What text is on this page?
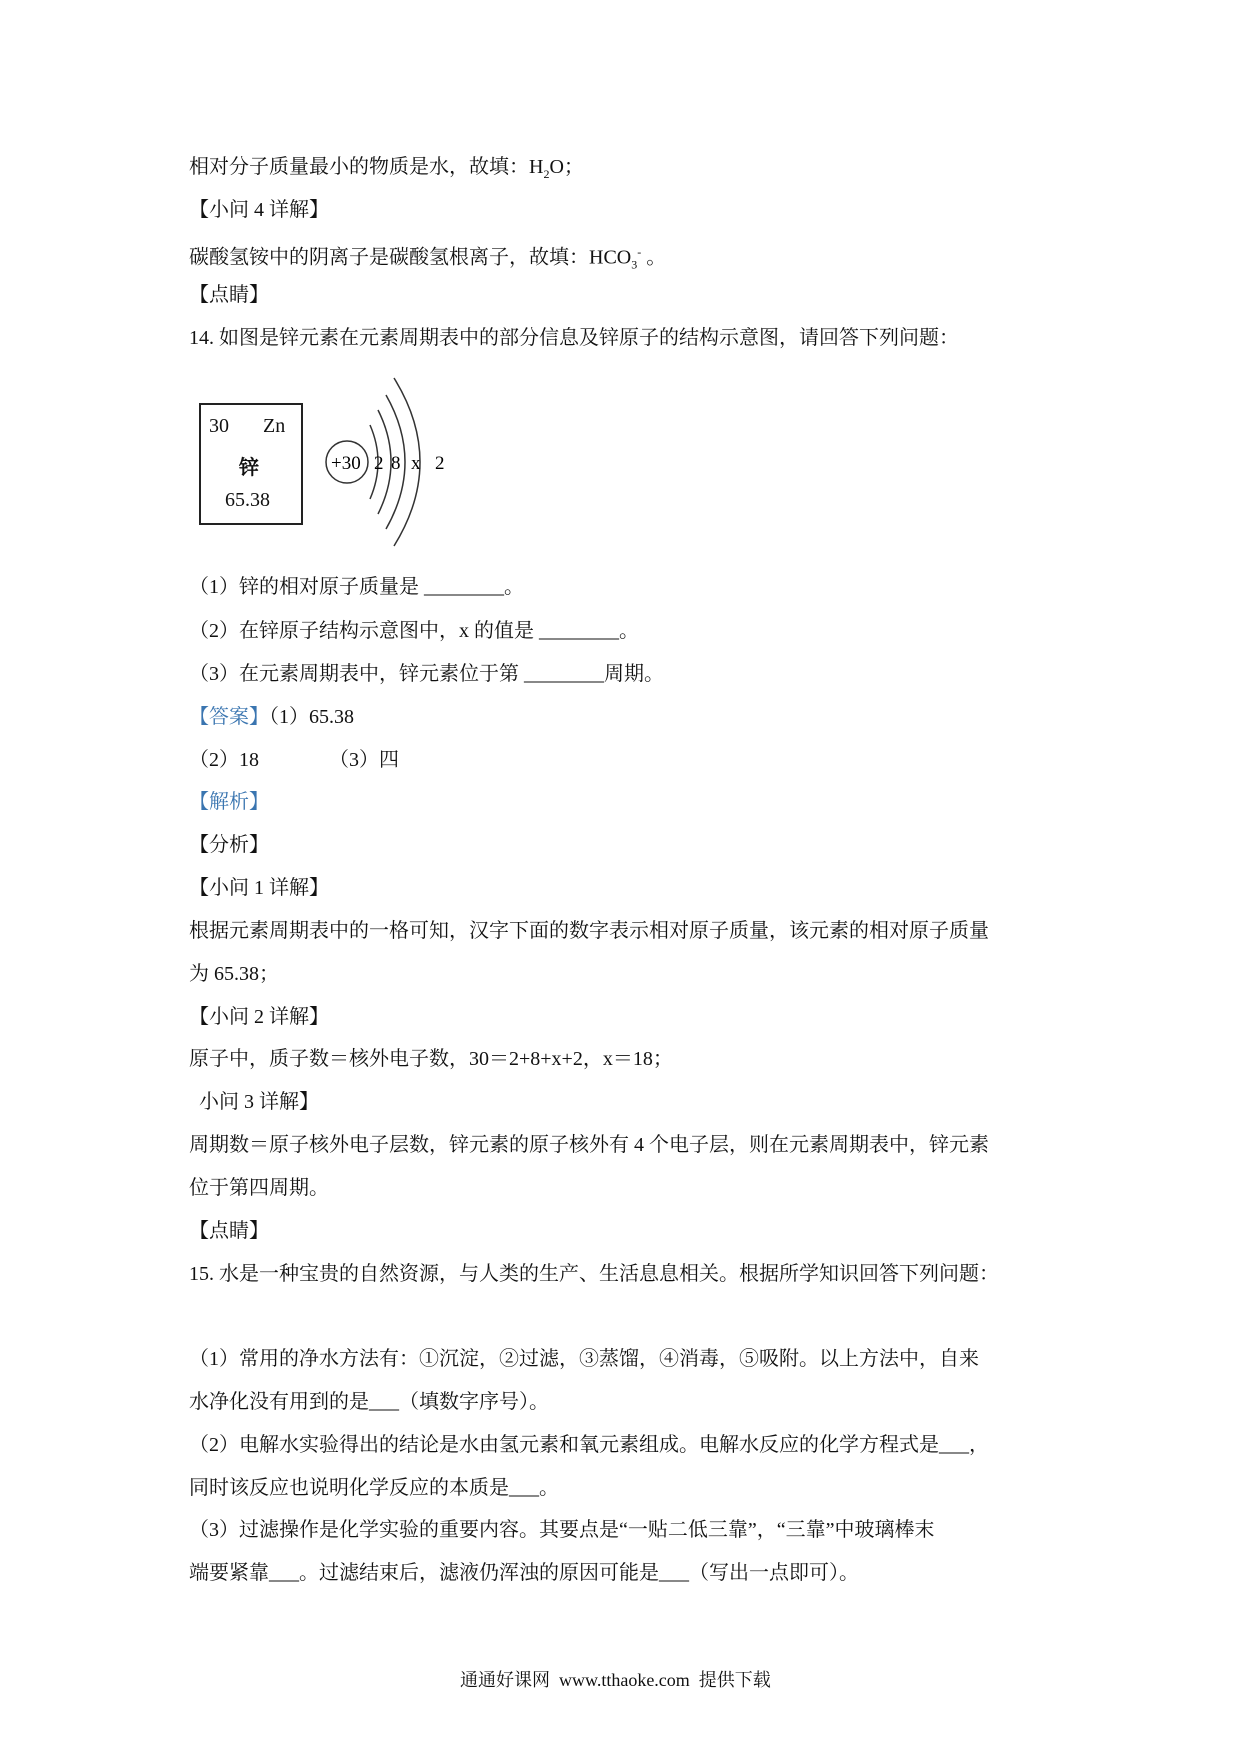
相对分子质量最小的物质是水，故填：$H_2O$；
【小问 4 详解】
碳酸氢铵中的阴离子是碳酸氢根离子，故填：$HCO_3^-$ 。
【点睛】
14. 如图是锌元素在元素周期表中的部分信息及锌原子的结构示意图，请回答下列问题：
30 Zn
锌
65.38
+30 2 8 x 2
（1）锌的相对原子质量是 ________。
（2）在锌原子结构示意图中，x 的值是 ________。
（3）在元素周期表中，锌元素位于第 ________周期。
【答案】（1）65.38
（2）18	（3）四
【解析】
【分析】
【小问 1 详解】
根据元素周期表中的一格可知，汉字下面的数字表示相对原子质量，该元素的相对原子质量
为 65.38；
【小问 2 详解】
原子中，质子数＝核外电子数，30＝2+8+x+2，x＝18；
小问 3 详解】
周期数＝原子核外电子层数，锌元素的原子核外有 4 个电子层，则在元素周期表中，锌元素
位于第四周期。
【点睛】
15. 水是一种宝贵的自然资源，与人类的生产、生活息息相关。根据所学知识回答下列问题：
（1）常用的净水方法有：①沉淀，②过滤，③蒸馏，④消毒，⑤吸附。以上方法中，自来
水净化没有用到的是___（填数字序号）。
（2）电解水实验得出的结论是水由氢元素和氧元素组成。电解水反应的化学方程式是___，
同时该反应也说明化学反应的本质是___。
（3）过滤操作是化学实验的重要内容。其要点是“一贴二低三靠”，“三靠”中玻璃棒末
端要紧靠___。过滤结束后，滤液仍浑浊的原因可能是___（写出一点即可）。
通通好课网  www.tthaoke.com  提供下载
